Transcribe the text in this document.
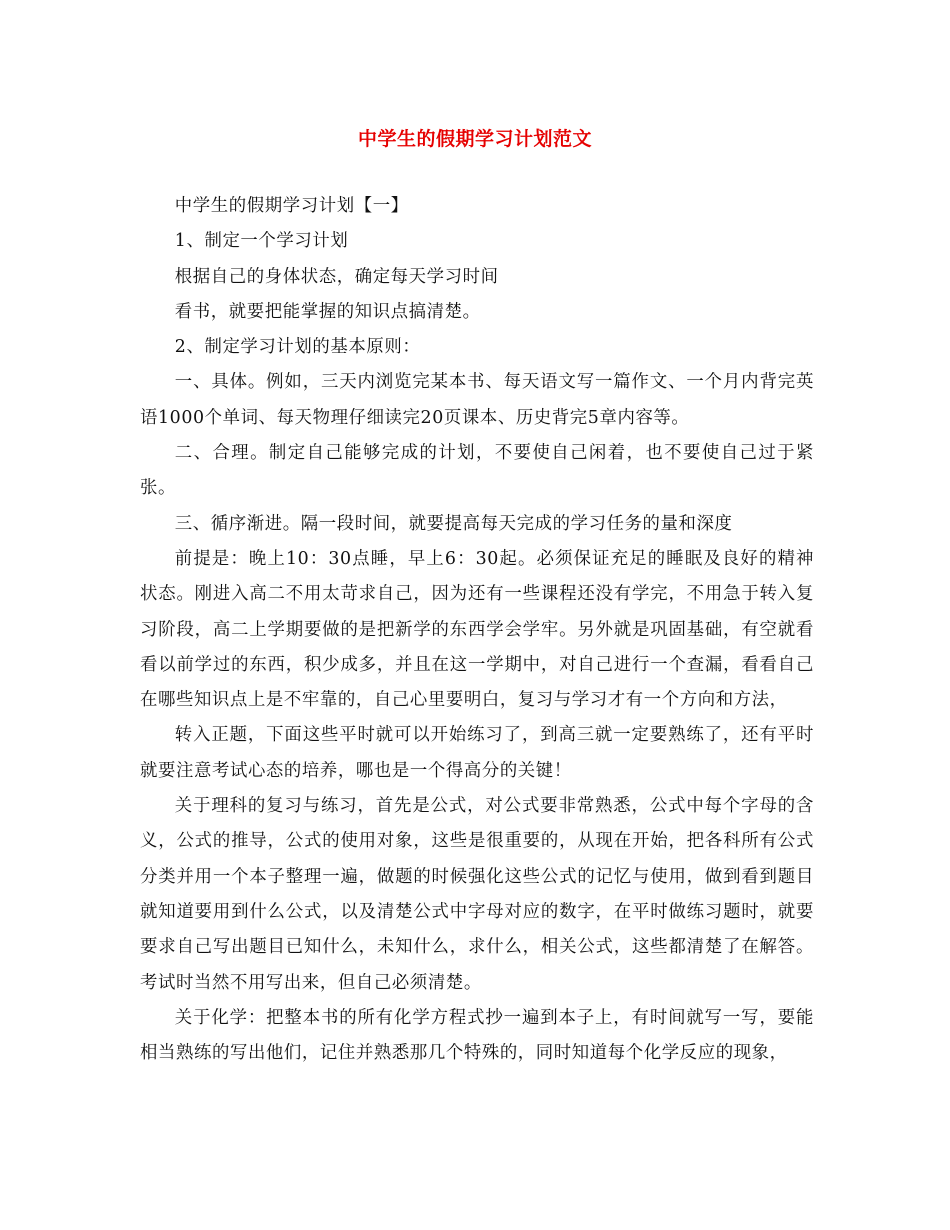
中学生的假期学习计划范文

中学生的假期学习计划【一】

1、制定一个学习计划

根据自己的身体状态，确定每天学习时间

看书，就要把能掌握的知识点搞清楚。

2、制定学习计划的基本原则：

一、具体。例如，三天内浏览完某本书、每天语文写一篇作文、一个月内背完英语1000个单词、每天物理仔细读完20页课本、历史背完5章内容等。

二、合理。制定自己能够完成的计划，不要使自己闲着，也不要使自己过于紧张。

三、循序渐进。隔一段时间，就要提高每天完成的学习任务的量和深度

前提是：晚上10：30点睡，早上6：30起。必须保证充足的睡眠及良好的精神状态。刚进入高二不用太苛求自己，因为还有一些课程还没有学完，不用急于转入复习阶段，高二上学期要做的是把新学的东西学会学牢。另外就是巩固基础，有空就看看以前学过的东西，积少成多，并且在这一学期中，对自己进行一个查漏，看看自己在哪些知识点上是不牢靠的，自己心里要明白，复习与学习才有一个方向和方法，

转入正题，下面这些平时就可以开始练习了，到高三就一定要熟练了，还有平时就要注意考试心态的培养，哪也是一个得高分的关键！

关于理科的复习与练习，首先是公式，对公式要非常熟悉，公式中每个字母的含义，公式的推导，公式的使用对象，这些是很重要的，从现在开始，把各科所有公式分类并用一个本子整理一遍，做题的时候强化这些公式的记忆与使用，做到看到题目就知道要用到什么公式，以及清楚公式中字母对应的数字，在平时做练习题时，就要要求自己写出题目已知什么，未知什么，求什么，相关公式，这些都清楚了在解答。考试时当然不用写出来，但自己必须清楚。

关于化学：把整本书的所有化学方程式抄一遍到本子上，有时间就写一写，要能相当熟练的写出他们，记住并熟悉那几个特殊的，同时知道每个化学反应的现象，
